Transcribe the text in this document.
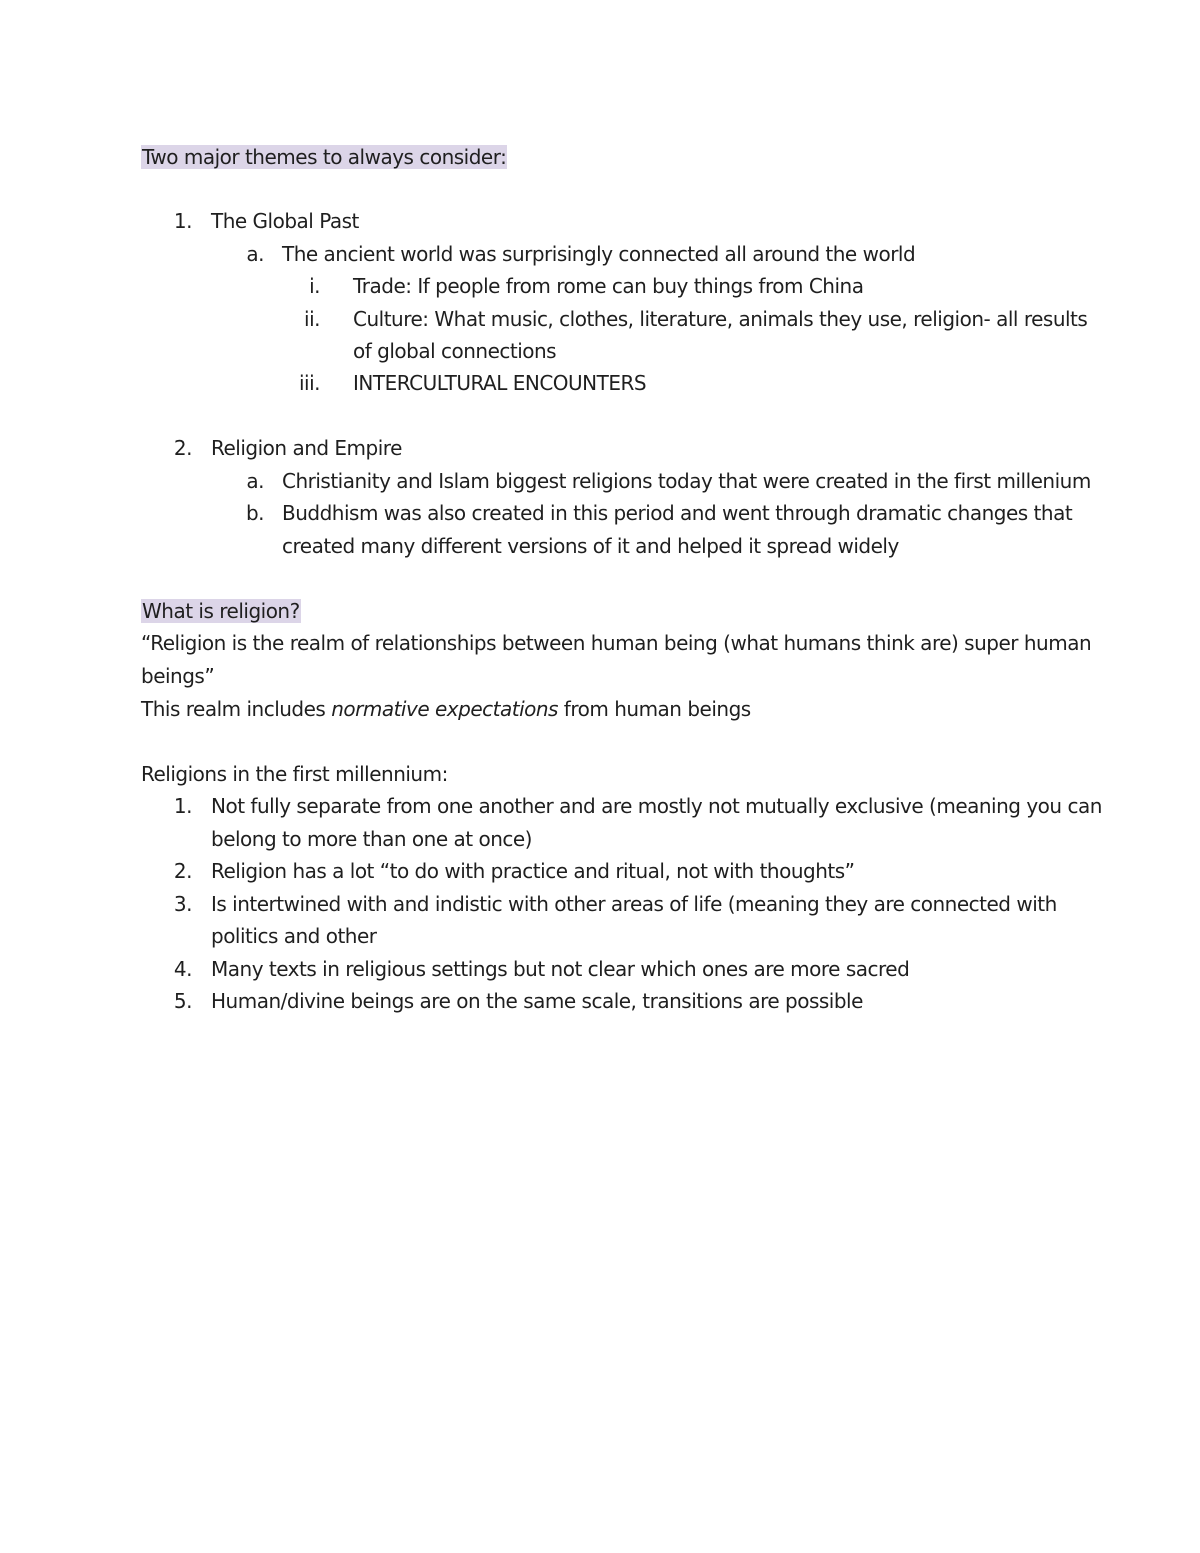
Two major themes to always consider:
1. The Global Past
a. The ancient world was surprisingly connected all around the world
i. Trade: If people from rome can buy things from China
ii. Culture: What music, clothes, literature, animals they use, religion- all results
of global connections
iii. INTERCULTURAL ENCOUNTERS
2. Religion and Empire
a. Christianity and Islam biggest religions today that were created in the first millenium
b. Buddhism was also created in this period and went through dramatic changes that
created many different versions of it and helped it spread widely
What is religion?
“Religion is the realm of relationships between human being (what humans think are) super human
beings”
This realm includes normative expectations from human beings
Religions in the first millennium:
1. Not fully separate from one another and are mostly not mutually exclusive (meaning you can
belong to more than one at once)
2. Religion has a lot “to do with practice and ritual, not with thoughts”
3. Is intertwined with and indistic with other areas of life (meaning they are connected with
politics and other
4. Many texts in religious settings but not clear which ones are more sacred
5. Human/divine beings are on the same scale, transitions are possible
